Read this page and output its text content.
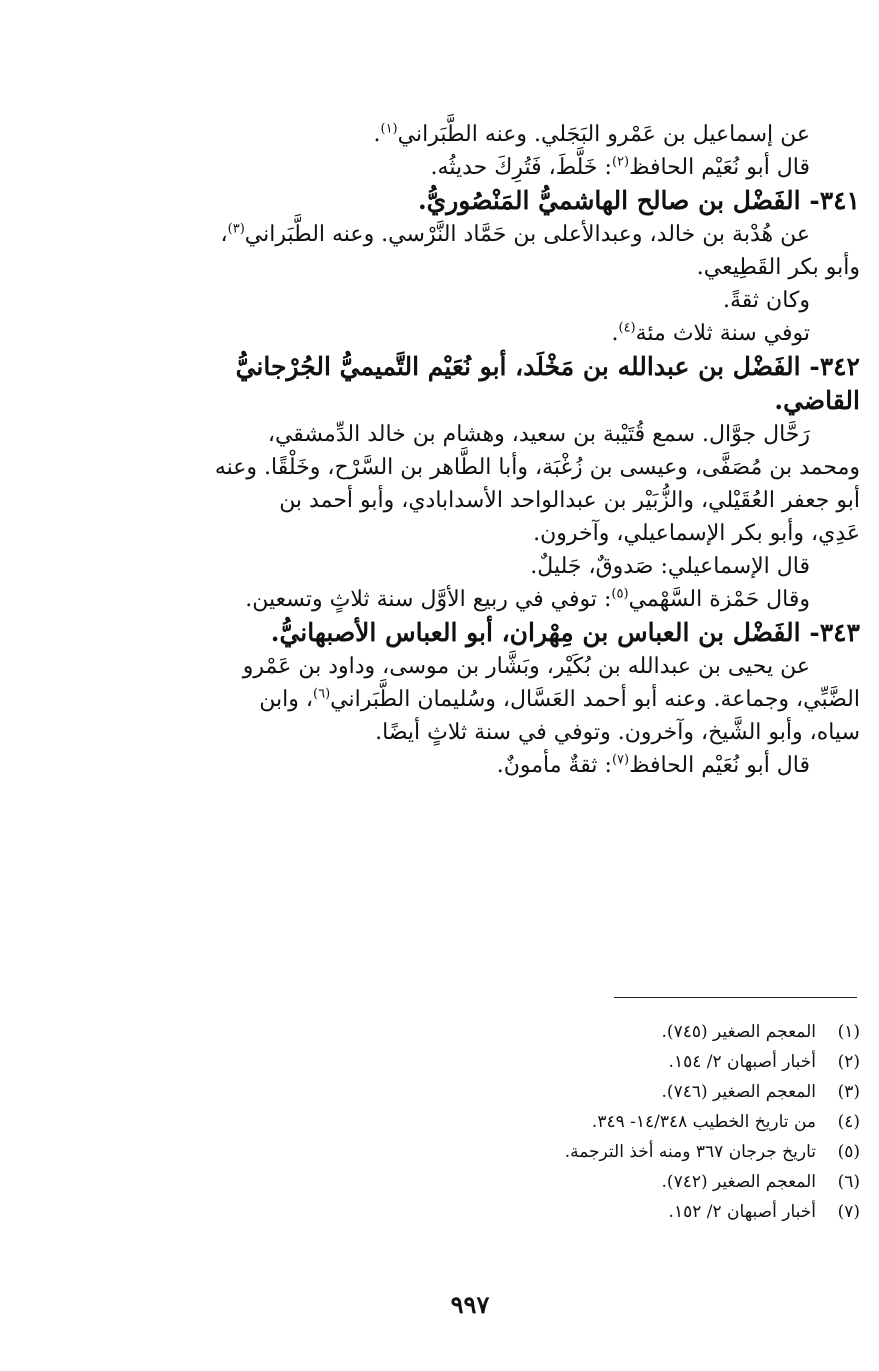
عن إسماعيل بن عَمْرو البَجَلي. وعنه الطَّبَراني$^{(١)}$.

قال أبو نُعَيْم الحافظ$^{(٢)}$: خَلَّطَ، فَتُرِكَ حديثُه.

٣٤١- الفَضْل بن صالح الهاشميُّ المَنْصُوريُّ.

عن هُدْبة بن خالد، وعبدالأعلى بن حَمَّاد النَّرْسي. وعنه الطَّبَراني$^{(٣)}$،

وأبو بكر القَطِيعي.

وكان ثقةً.

توفي سنة ثلاث مئة$^{(٤)}$.

٣٤٢- الفَضْل بن عبدالله بن مَخْلَد، أبو نُعَيْم التَّميميُّ الجُرْجانيُّ

القاضي.

رَحَّال جوَّال. سمع قُتَيْبة بن سعيد، وهشام بن خالد الدِّمشقي،

ومحمد بن مُصَفَّى، وعيسى بن زُغْبَة، وأبا الطَّاهر بن السَّرْح، وخَلْقًا. وعنه

أبو جعفر العُقَيْلي، والزُّبَيْر بن عبدالواحد الأسدابادي، وأبو أحمد بن

عَدِي، وأبو بكر الإسماعيلي، وآخرون.

قال الإسماعيلي: صَدوقٌ، جَليلٌ.

وقال حَمْزة السَّهْمي$^{(٥)}$: توفي في ربيع الأوَّل سنة ثلاثٍ وتسعين.

٣٤٣- الفَضْل بن العباس بن مِهْران، أبو العباس الأصبهانيُّ.

عن يحيى بن عبدالله بن بُكَيْر، وبَشَّار بن موسى، وداود بن عَمْرو

الضَّبِّي، وجماعة. وعنه أبو أحمد العَسَّال، وسُليمان الطَّبَراني$^{(٦)}$، وابن

سياه، وأبو الشَّيخ، وآخرون. وتوفي في سنة ثلاثٍ أيضًا.

قال أبو نُعَيْم الحافظ$^{(٧)}$: ثقةٌ مأمونٌ.

(١)المعجم الصغير (٧٤٥).

(٢)أخبار أصبهان ٢/ ١٥٤.

(٣)المعجم الصغير (٧٤٦).

(٤)من تاريخ الخطيب ١٤/٣٤٨- ٣٤٩.

(٥)تاريخ جرجان ٣٦٧ ومنه أخذ الترجمة.

(٦)المعجم الصغير (٧٤٢).

(٧)أخبار أصبهان ٢/ ١٥٢.

٩٩٧
